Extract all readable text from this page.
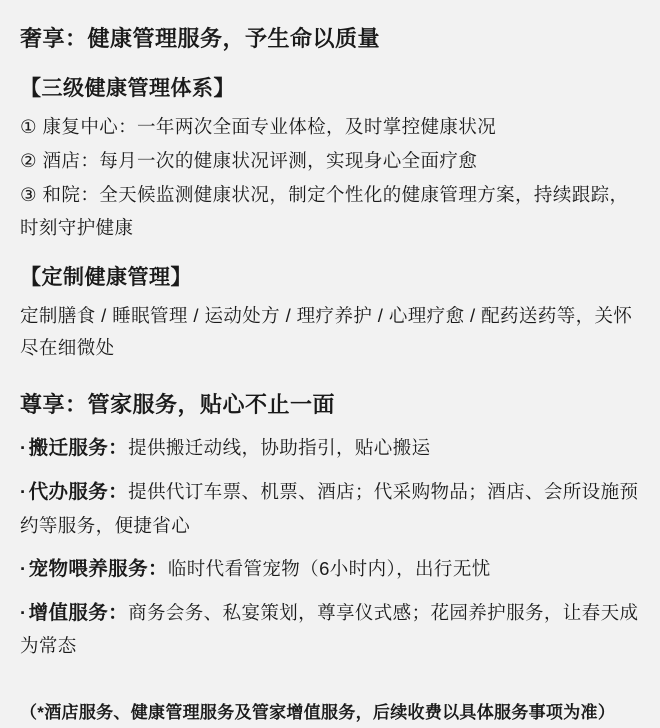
奢享：健康管理服务，予生命以质量
【三级健康管理体系】

① 康复中心：一年两次全面专业体检，及时掌控健康状况

② 酒店：每月一次的健康状况评测，实现身心全面疗愈

③ 和院：全天候监测健康状况，制定个性化的健康管理方案，持续跟踪，时刻守护健康

【定制健康管理】

定制膳食 / 睡眠管理 / 运动处方 / 理疗养护 / 心理疗愈 / 配药送药等，关怀尽在细微处

尊享：管家服务，贴心不止一面

· 搬迁服务：提供搬迁动线，协助指引，贴心搬运

· 代办服务：提供代订车票、机票、酒店；代采购物品；酒店、会所设施预约等服务，便捷省心

· 宠物喂养服务：临时代看管宠物（6小时内），出行无忧

· 增值服务：商务会务、私宴策划，尊享仪式感；花园养护服务，让春天成为常态

（*酒店服务、健康管理服务及管家增值服务，后续收费以具体服务事项为准）
